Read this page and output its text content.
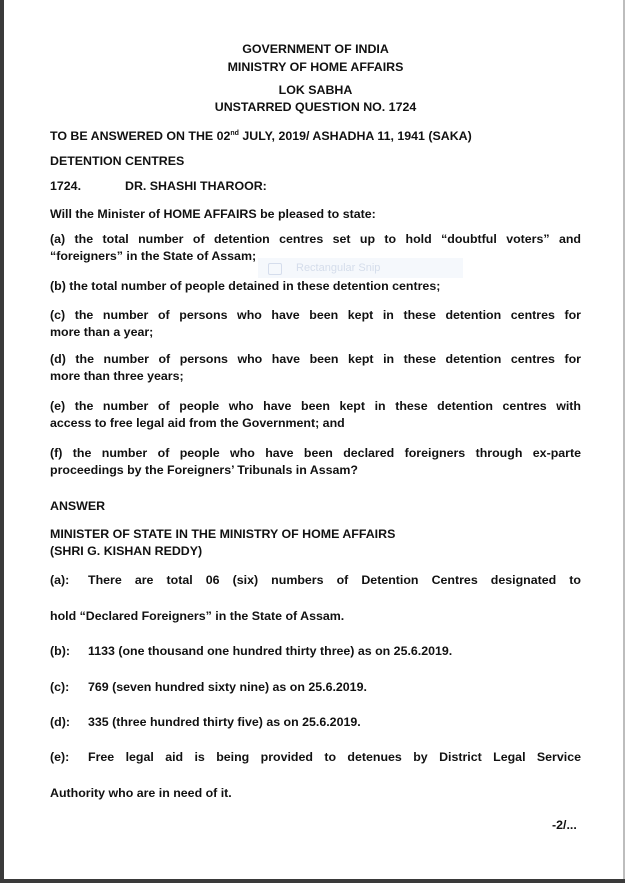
GOVERNMENT OF INDIA
MINISTRY OF HOME AFFAIRS
LOK SABHA
UNSTARRED QUESTION NO. 1724
TO BE ANSWERED ON THE 02nd JULY, 2019/ ASHADHA 11, 1941 (SAKA)
DETENTION CENTRES
1724.	DR. SHASHI THAROOR:
Will the Minister of HOME AFFAIRS be pleased to state:
(a) the total number of detention centres set up to hold “doubtful voters” and
“foreigners” in the State of Assam;
(b) the total number of people detained in these detention centres;
(c) the number of persons who have been kept in these detention centres for
more than a year;
(d) the number of persons who have been kept in these detention centres for
more than three years;
(e) the number of people who have been kept in these detention centres with
access to free legal aid from the Government; and
(f) the number of people who have been declared foreigners through ex-parte
proceedings by the Foreigners’ Tribunals in Assam?
ANSWER
MINISTER OF STATE IN THE MINISTRY OF HOME AFFAIRS
(SHRI G. KISHAN REDDY)
(a): There are total 06 (six) numbers of Detention Centres designated to
hold “Declared Foreigners” in the State of Assam.
(b): 1133 (one thousand one hundred thirty three) as on 25.6.2019.
(c): 769 (seven hundred sixty nine) as on 25.6.2019.
(d): 335 (three hundred thirty five) as on 25.6.2019.
(e): Free legal aid is being provided to detenues by District Legal Service
Authority who are in need of it.
-2/...
Rectangular Snip
